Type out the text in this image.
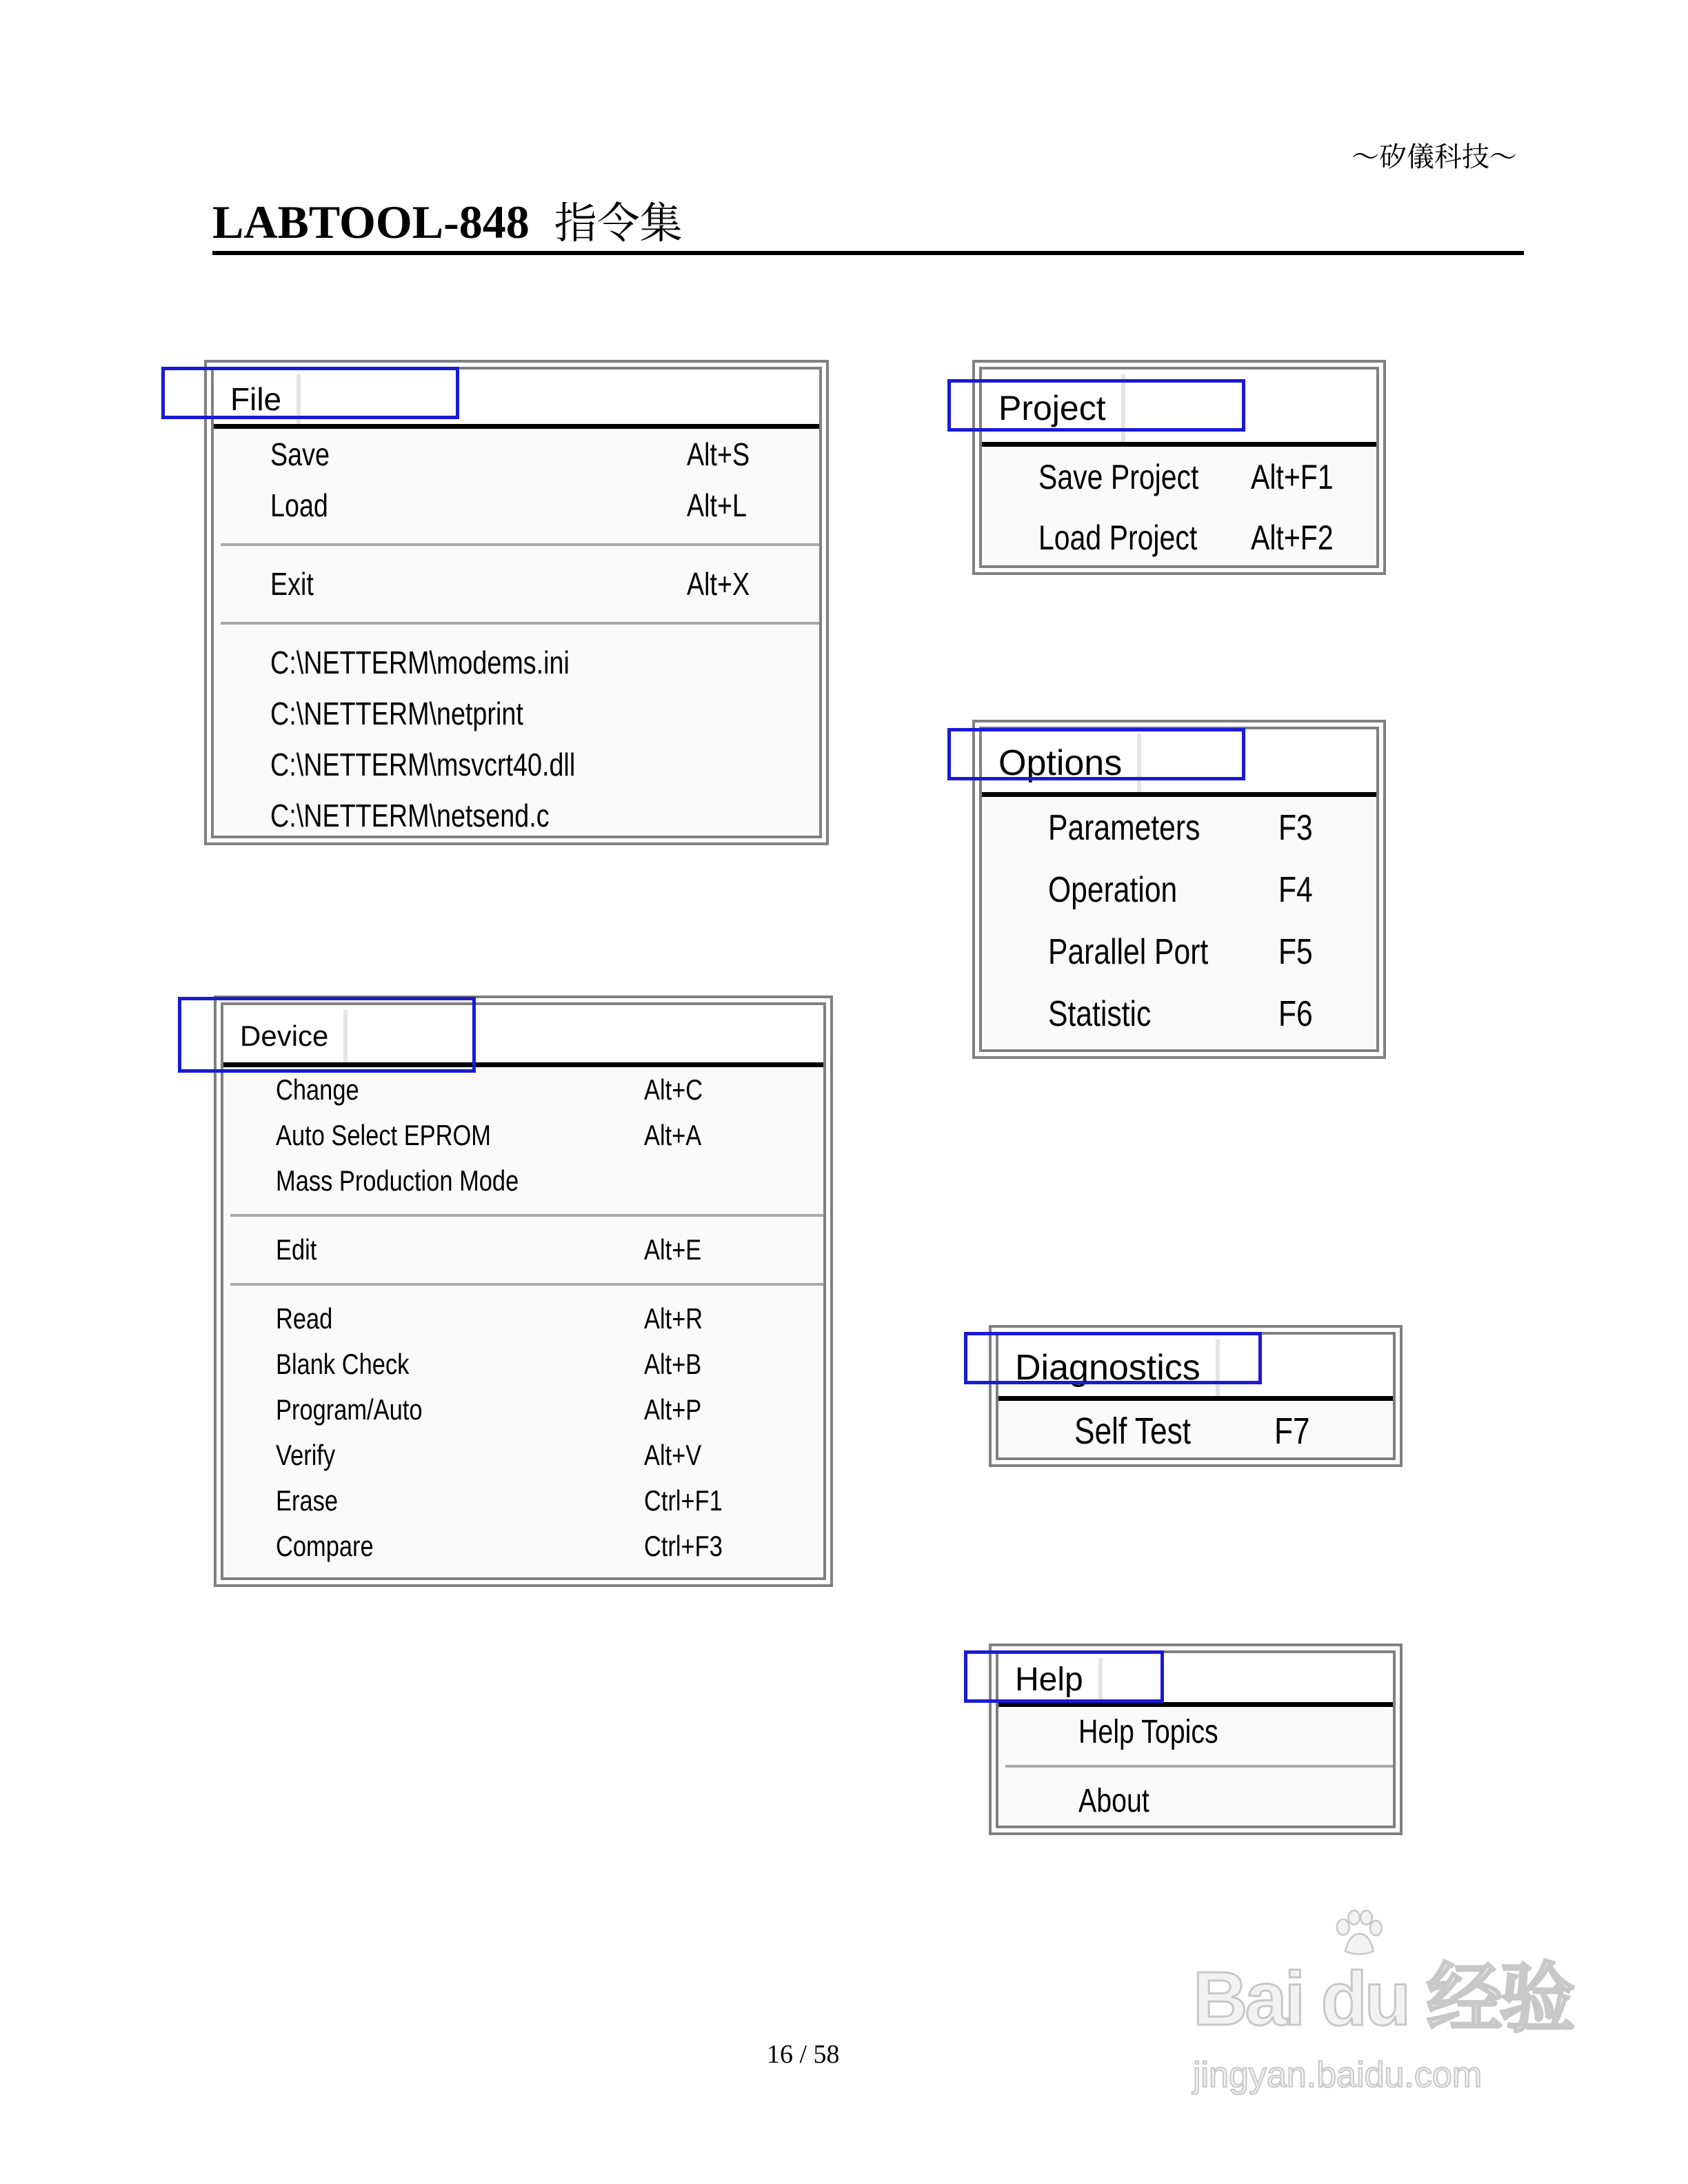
～矽儀科技～
LABTOOL-848 指令集
File
Save	Alt+S
Load	Alt+L
Exit	Alt+X
C:\NETTERM\modems.ini
C:\NETTERM\netprint
C:\NETTERM\msvcrt40.dll
C:\NETTERM\netsend.c
Project
Save Project Alt+F1
Load Project Alt+F2
Options
Parameters F3
Operation	F4
Parallel Port F5
Statistic	F6
Device
Change	Alt+C
Auto Select EPROM	Alt+A
Mass Production Mode
Edit	Alt+E
Read	Alt+R
Blank Check	Alt+B
Program/Auto	Alt+P
Verify	Alt+V
Erase	Ctrl+F1
Compare	Ctrl+F3
Diagnostics
Self Test F7
Help
Help Topics
About
16 / 58
Bai du 经验
jingyan.baidu.com
